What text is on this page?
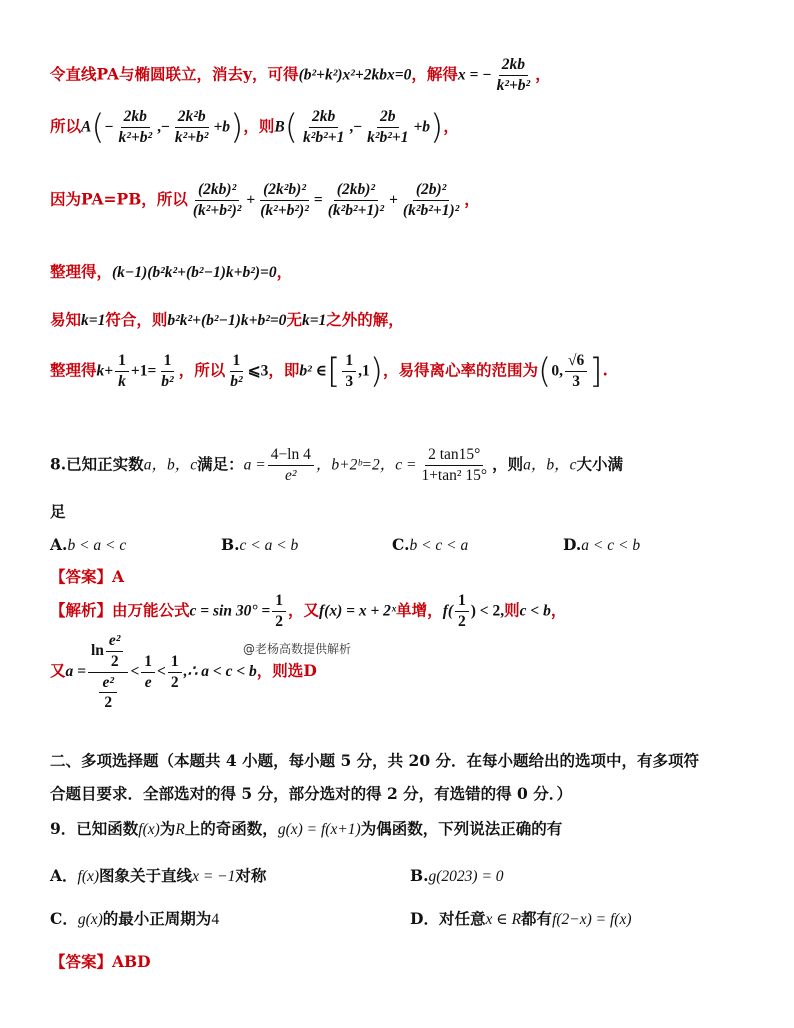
令直线PA与椭圆联立，消去y，可得(b²+k²)x²+2kbx=0，解得x = − $\frac{2kb}{\text{k²+b²}}$ ，
所以$A(- \frac{2kb}{\text{k²+b²}}$ ,− $\frac{\text{2k²b}}{\text{k²+b²}} +b$)，则$B( \frac{2kb}{\text{k²b²+1}}$ ,− $\frac{2b}{\text{k²b²+1}} +b$)，
因为PA=PB，所以 $\frac{\text{(2kb)²}}{\text{(k²+b²)²}} + \frac{\text{(2k²b)²}}{\text{(k²+b²)²}} = \frac{\text{(2kb)²}}{\text{(k²b²+1)²}} + \frac{\text{(2b)²}}{\text{(k²b²+1)²}}$ ，
整理得，(k−1)(b²k²+(b²−1)k+b²)=0，
易知k=1符合，则b²k²+(b²−1)k+b²=0无k=1之外的解，
整理得$k+ \frac{1}{k} +1= \frac{1}{\text{b²}}$ ，所以 $\frac{1}{\text{b²}}$ ⩽3，即b² ∈[ $\frac{1}{3} ,1$)，易得离心率的范围为(0, $\frac{√6}{3}$ ].
8.已知正实数a，b，c满足：$a = \frac{4-\ln 4}{\text{e²}}$ ，b+2ᵇ=2，$c = \frac{2 \tan 15^\circ}{\text{1+tan² 15°}}$ ，则a，b，c大小满
足
A.b < a < c	B.c < a < b	C.b < c < a	D.a < c < b
【答案】A
【解析】由万能公式$c = \sin 30^\circ = \frac{1}{2}$ ，又f(x) = x + 2ˣ单增，$f( \frac{1}{2}$ ) < 2,则c < b，
@老杨高数提供解析
又$a = \frac{\ln \frac{\text{e²}}{2}}{\frac{\text{e²}}{2}} < \frac{1}{e} < \frac{1}{2}$ ,∴ a < c < b，则选D
二、多项选择题（本题共 4 小题，每小题 5 分，共 20 分．在每小题给出的选项中，有多项符
合题目要求．全部选对的得 5 分，部分选对的得 2 分，有选错的得 0 分．）
9．已知函数f(x)为R上的奇函数，g(x) = f(x+1)为偶函数，下列说法正确的有
A．f(x)图象关于直线x = −1对称	B.g(2023) = 0
C．g(x)的最小正周期为4	D．对任意x ∈ R都有f(2−x) = f(x)
【答案】ABD
